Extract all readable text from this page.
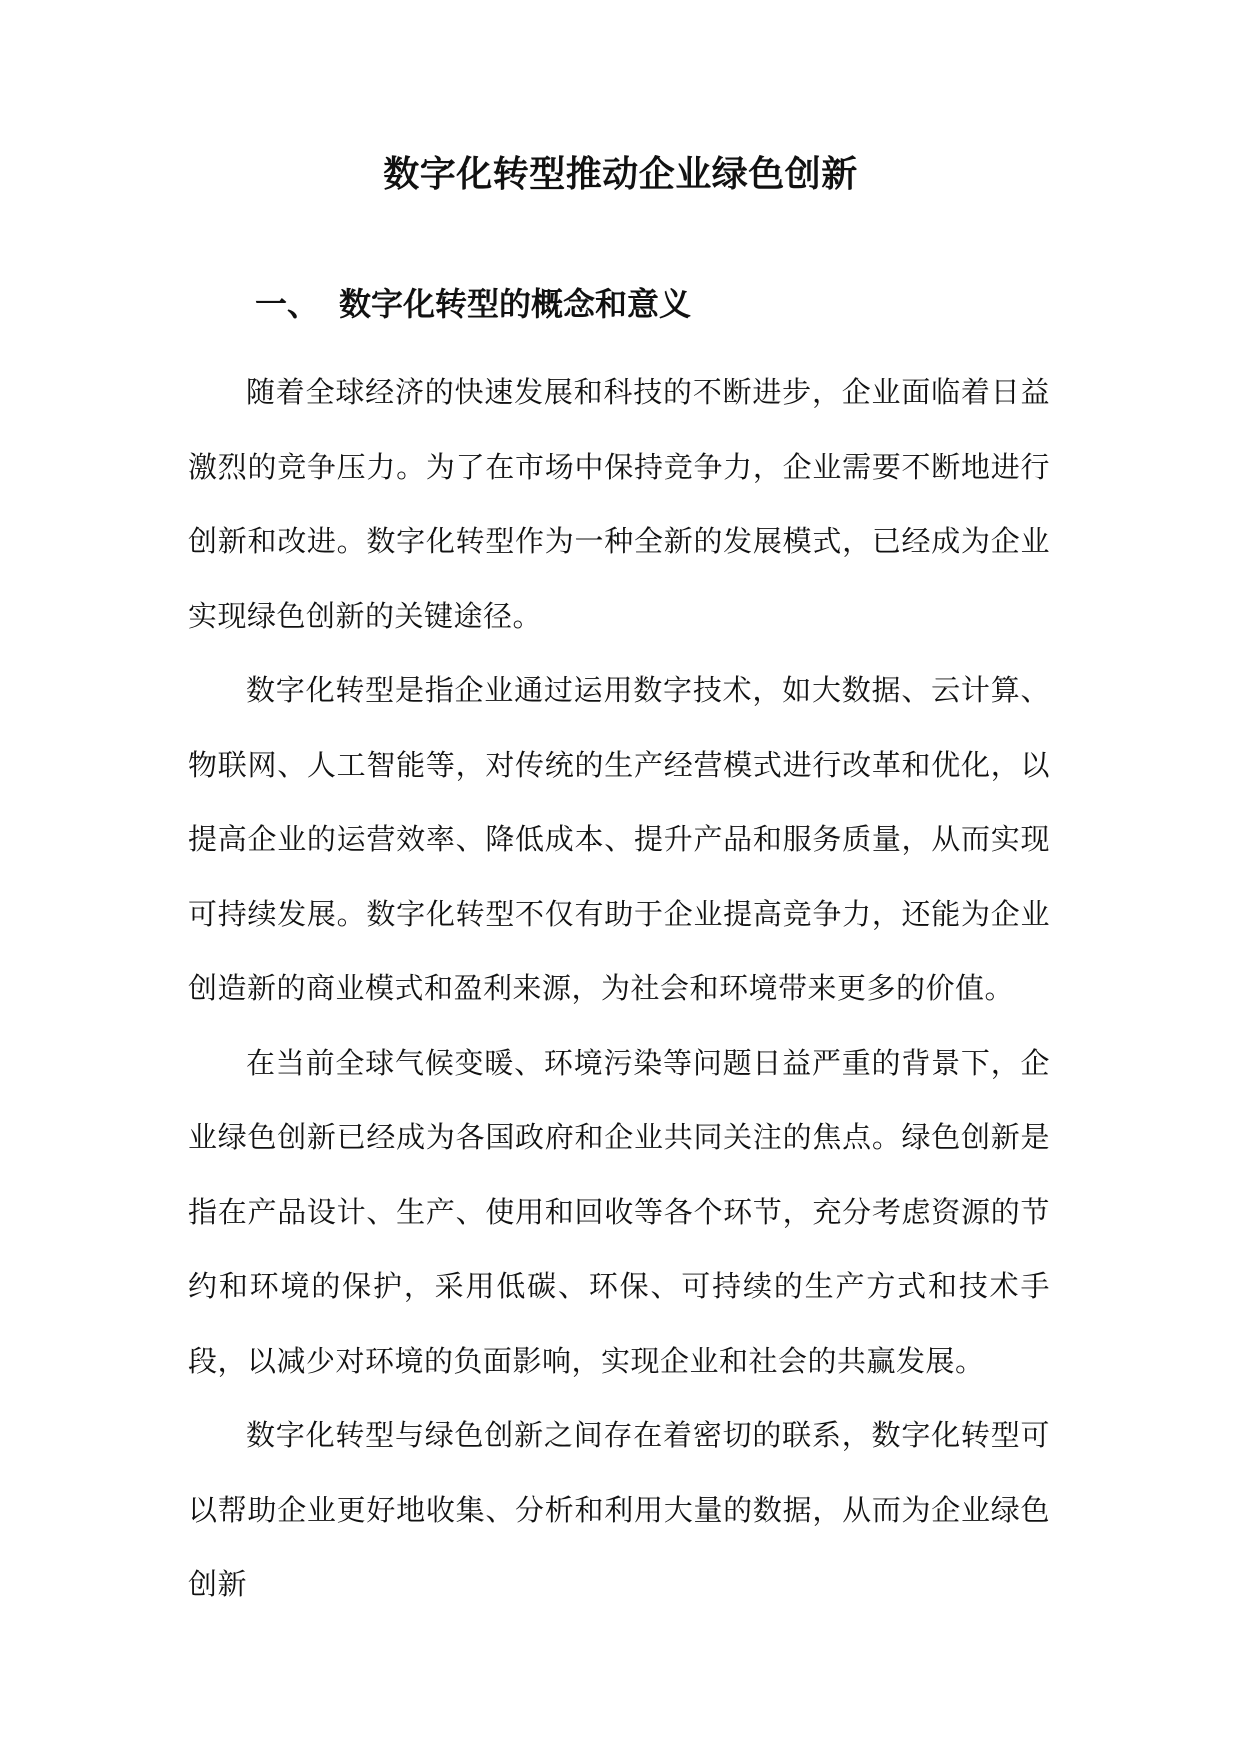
数字化转型推动企业绿色创新
一、 数字化转型的概念和意义

随着全球经济的快速发展和科技的不断进步，企业面临着日益激烈的竞争压力。为了在市场中保持竞争力，企业需要不断地进行创新和改进。数字化转型作为一种全新的发展模式，已经成为企业实现绿色创新的关键途径。

数字化转型是指企业通过运用数字技术，如大数据、云计算、物联网、人工智能等，对传统的生产经营模式进行改革和优化，以提高企业的运营效率、降低成本、提升产品和服务质量，从而实现可持续发展。数字化转型不仅有助于企业提高竞争力，还能为企业创造新的商业模式和盈利来源，为社会和环境带来更多的价值。

在当前全球气候变暖、环境污染等问题日益严重的背景下，企业绿色创新已经成为各国政府和企业共同关注的焦点。绿色创新是指在产品设计、生产、使用和回收等各个环节，充分考虑资源的节约和环境的保护，采用低碳、环保、可持续的生产方式和技术手段，以减少对环境的负面影响，实现企业和社会的共赢发展。

数字化转型与绿色创新之间存在着密切的联系，数字化转型可以帮助企业更好地收集、分析和利用大量的数据，从而为企业绿色创新
